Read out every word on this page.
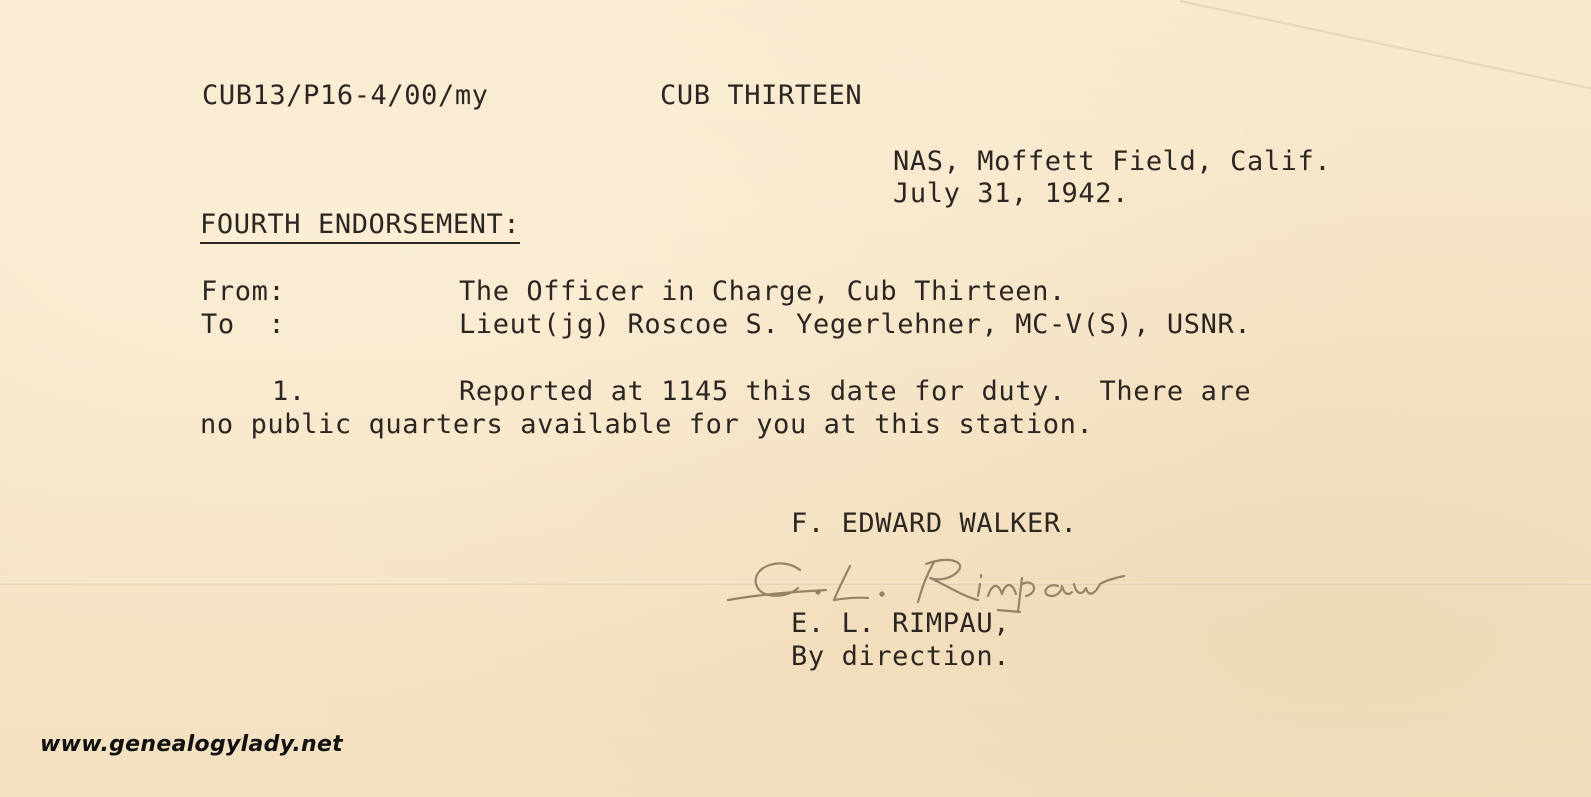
CUB13/P16-4/00/my	CUB THIRTEEN

NAS, Moffett Field, Calif.

July 31, 1942.

FOURTH ENDORSEMENT:

From:	The Officer in Charge, Cub Thirteen.

To  :	Lieut(jg) Roscoe S. Yegerlehner, MC-V(S), USNR.

1.	Reported at 1145 this date for duty.  There are

no public quarters available for you at this station.

F. EDWARD WALKER.

E. L. RIMPAU,

By direction.

www.genealogylady.net
